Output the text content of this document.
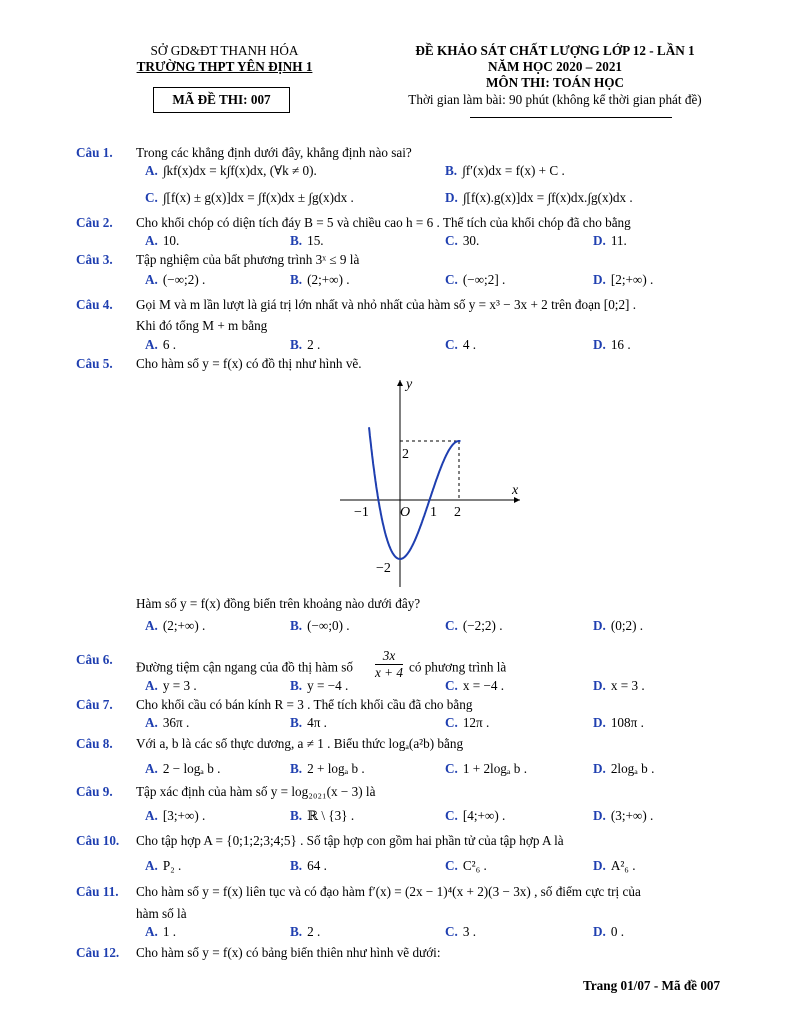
SỞ GD&ĐT THANH HÓA
TRƯỜNG THPT YÊN ĐỊNH 1
MÃ ĐỀ THI: 007
ĐỀ KHẢO SÁT CHẤT LƯỢNG LỚP 12 - LẦN 1
NĂM HỌC 2020 – 2021
MÔN THI: TOÁN HỌC
Thời gian làm bài: 90 phút (không kể thời gian phát đề)
Câu 1. Trong các khẳng định dưới đây, khẳng định nào sai?
A. ∫kf(x)dx = k∫f(x)dx, (∀k ≠ 0).	B. ∫f′(x)dx = f(x) + C .
C. ∫[f(x) ± g(x)]dx = ∫f(x)dx ± ∫g(x)dx .	D. ∫[f(x).g(x)]dx = ∫f(x)dx.∫g(x)dx .
Câu 2. Cho khối chóp có diện tích đáy B = 5 và chiều cao h = 6 . Thể tích của khối chóp đã cho bằng
A. 10.	B. 15.	C. 30.	D. 11.
Câu 3. Tập nghiệm của bất phương trình 3ˣ ≤ 9 là
A. (−∞;2) .	B. (2;+∞) .	C. (−∞;2] .	D. [2;+∞) .
Câu 4. Gọi M và m lần lượt là giá trị lớn nhất và nhỏ nhất của hàm số y = x³ − 3x + 2 trên đoạn [0;2] .
Khi đó tổng M + m bằng
A. 6 .	B. 2 .	C. 4 .	D. 16 .
Câu 5. Cho hàm số y = f(x) có đồ thị như hình vẽ.
Hàm số y = f(x) đồng biến trên khoảng nào dưới đây?
A. (2;+∞) .	B. (−∞;0) .	C. (−2;2) .	D. (0;2) .
Câu 6.
Đường tiệm cận ngang của đồ thị hàm số $\frac{3x}{x + 4}$ có phương trình là
A. y = 3 .	B. y = −4 .	C. x = −4 .	D. x = 3 .
Câu 7. Cho khối cầu có bán kính R = 3 . Thể tích khối cầu đã cho bằng
A. 36π .	B. 4π .	C. 12π .	D. 108π .
Câu 8. Với a, b là các số thực dương, a ≠ 1 . Biểu thức logₐ(a²b) bằng
A. 2 − logₐ b .	B. 2 + logₐ b .	C. 1 + 2logₐ b .	D. 2logₐ b .
Câu 9. Tập xác định của hàm số y = log₂₀₂₁(x − 3) là
A. [3;+∞) .	B. ℝ \ {3} .	C. [4;+∞) .	D. (3;+∞) .
Câu 10. Cho tập hợp A = {0;1;2;3;4;5} . Số tập hợp con gồm hai phần tử của tập hợp A là
A. P₂ .	B. 64 .	C. C²₆ .	D. A²₆ .
Câu 11. Cho hàm số y = f(x) liên tục và có đạo hàm f′(x) = (2x − 1)⁴(x + 2)(3 − 3x) , số điểm cực trị của
hàm số là
A. 1 .	B. 2 .	C. 3 .	D. 0 .
Câu 12. Cho hàm số y = f(x) có bảng biến thiên như hình vẽ dưới:
x
y
−1 O 1 2
2
−2
Trang 01/07 - Mã đề 007
